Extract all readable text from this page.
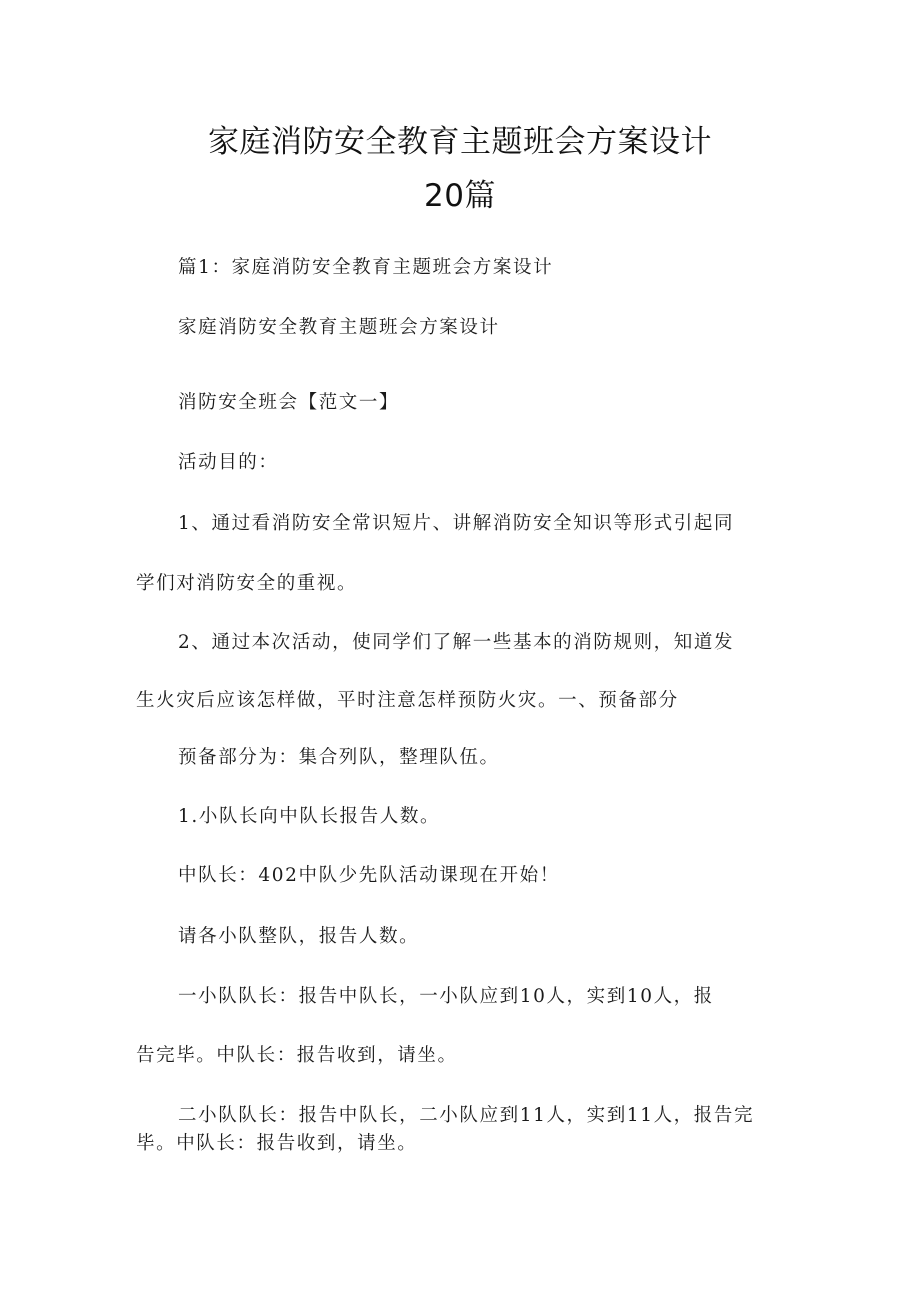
家庭消防安全教育主题班会方案设计
20篇

篇1：家庭消防安全教育主题班会方案设计

家庭消防安全教育主题班会方案设计

消防安全班会【范文一】

活动目的：

1、通过看消防安全常识短片、讲解消防安全知识等形式引起同

学们对消防安全的重视。

2、通过本次活动，使同学们了解一些基本的消防规则，知道发

生火灾后应该怎样做，平时注意怎样预防火灾。一、预备部分

预备部分为：集合列队，整理队伍。

1.小队长向中队长报告人数。

中队长：402中队少先队活动课现在开始！

请各小队整队，报告人数。

一小队队长：报告中队长，一小队应到10人，实到10人，报

告完毕。中队长：报告收到，请坐。

二小队队长：报告中队长，二小队应到11人，实到11人，报告完

毕。中队长：报告收到，请坐。
